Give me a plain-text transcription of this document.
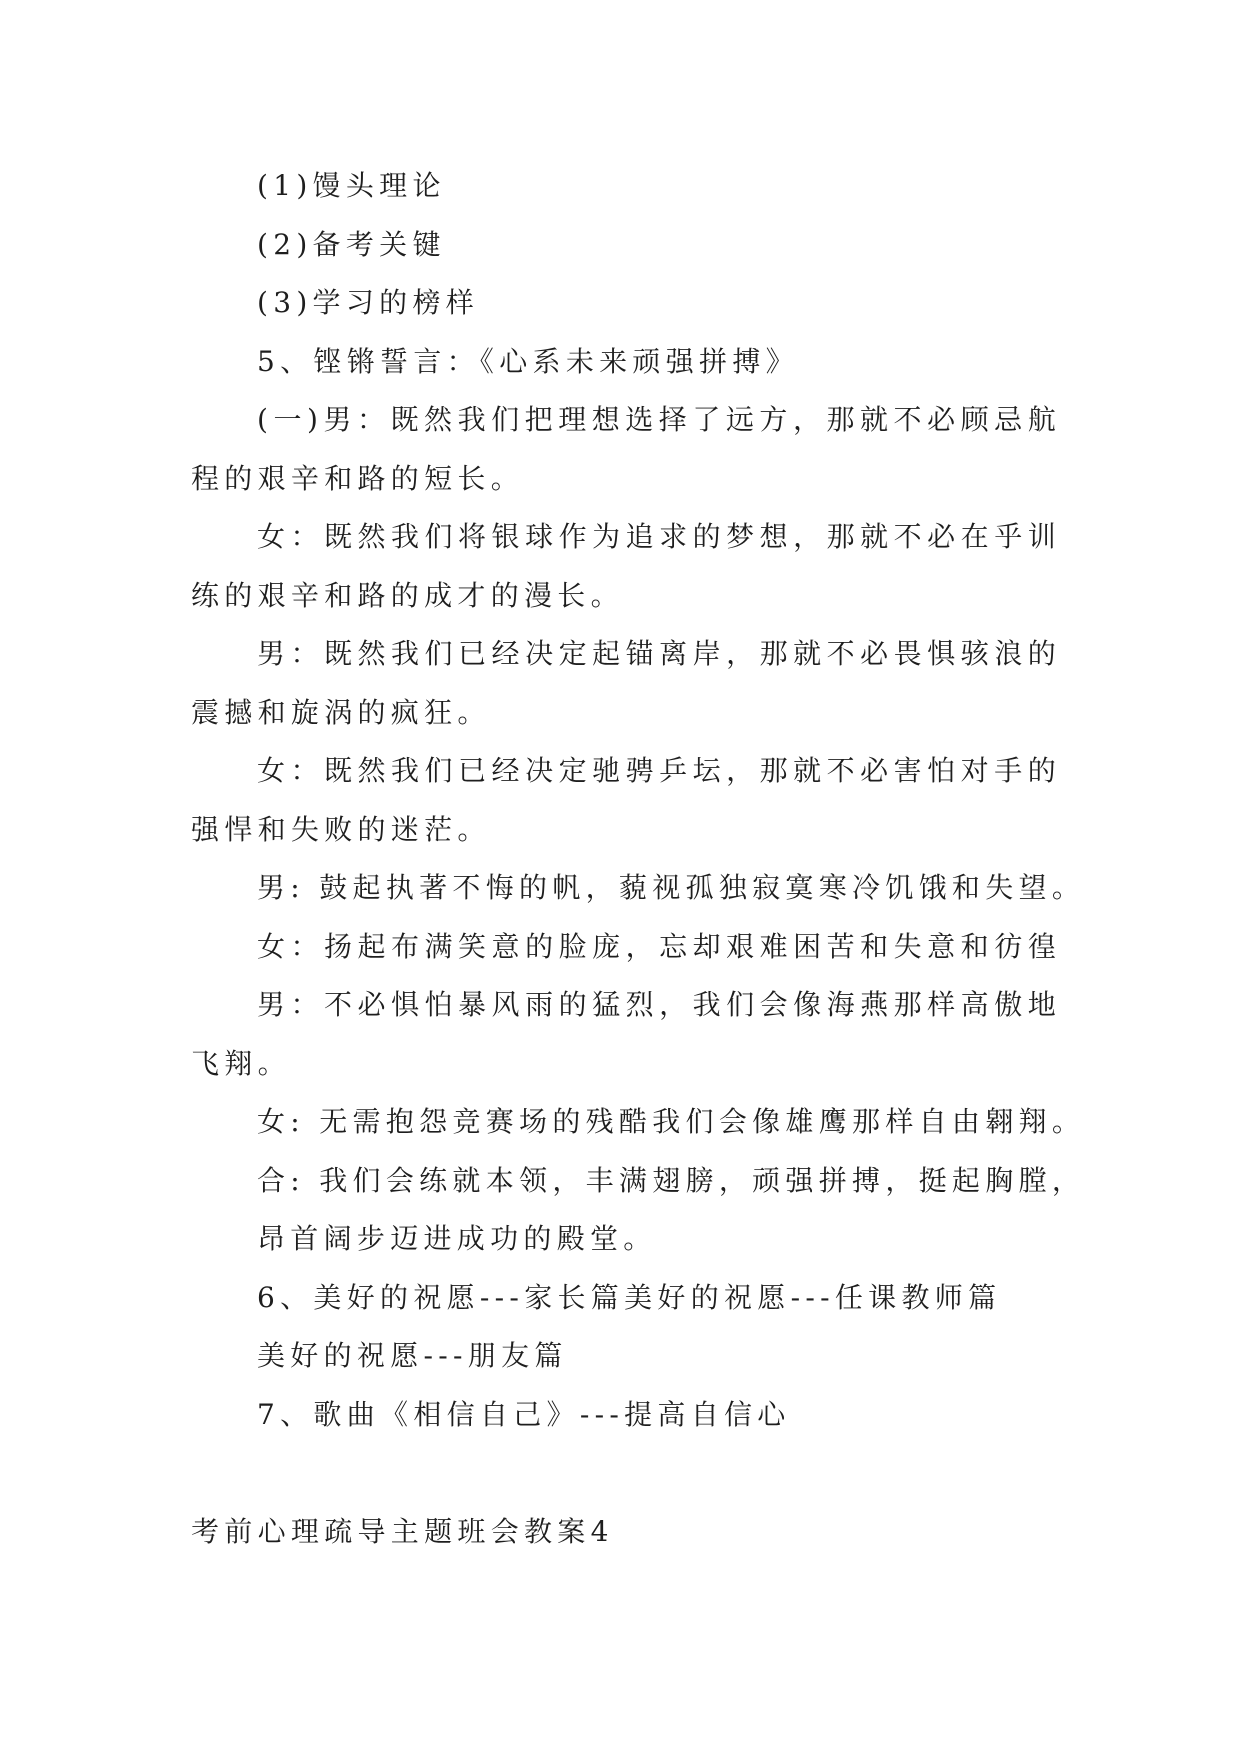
(1)馒头理论
(2)备考关键
(3)学习的榜样
5、铿锵誓言：《心系未来顽强拼搏》
(一)男：既然我们把理想选择了远方，那就不必顾忌航
程的艰辛和路的短长。
女：既然我们将银球作为追求的梦想，那就不必在乎训
练的艰辛和路的成才的漫长。
男：既然我们已经决定起锚离岸，那就不必畏惧骇浪的
震撼和旋涡的疯狂。
女：既然我们已经决定驰骋乒坛，那就不必害怕对手的
强悍和失败的迷茫。
男: 鼓起执著不悔的帆，藐视孤独寂寞寒冷饥饿和失望。
女：扬起布满笑意的脸庞，忘却艰难困苦和失意和彷徨
男：不必惧怕暴风雨的猛烈，我们会像海燕那样高傲地
飞翔。
女: 无需抱怨竞赛场的残酷我们会像雄鹰那样自由翱翔。
合: 我们会练就本领，丰满翅膀，顽强拼搏，挺起胸膛，
昂首阔步迈进成功的殿堂。
6、美好的祝愿---家长篇美好的祝愿---任课教师篇
美好的祝愿---朋友篇
7、歌曲《相信自己》---提高自信心
考前心理疏导主题班会教案4
